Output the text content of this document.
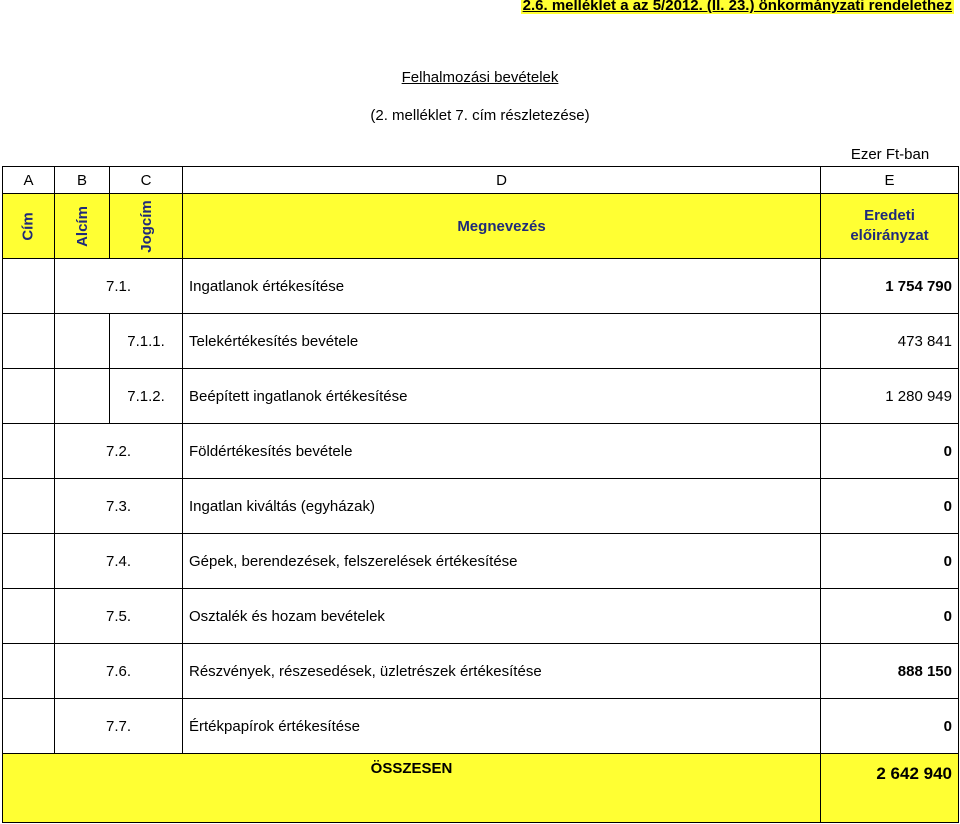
2.6. melléklet a az 5/2012. (II. 23.) önkormányzati rendelethez
Felhalmozási bevételek
(2. melléklet 7. cím részletezése)
Ezer Ft-ban
A	B	C	D	E

Cím	Alcím	Jogcím	Megnevezés	Eredeti
előirányzat

	7.1.		Ingatlanok értékesítése	1 754 790
		7.1.1.	Telekértékesítés bevétele	473 841
		7.1.2.	Beépített ingatlanok értékesítése	1 280 949
	7.2.		Földértékesítés bevétele	0
	7.3.		Ingatlan kiváltás (egyházak)	0
	7.4.		Gépek, berendezések, felszerelések értékesítése	0
	7.5.		Osztalék és hozam bevételek	0
	7.6.		Részvények, részesedések, üzletrészek értékesítése	888 150
	7.7.		Értékpapírok értékesítése	0
ÖSSZESEN				2 642 940
